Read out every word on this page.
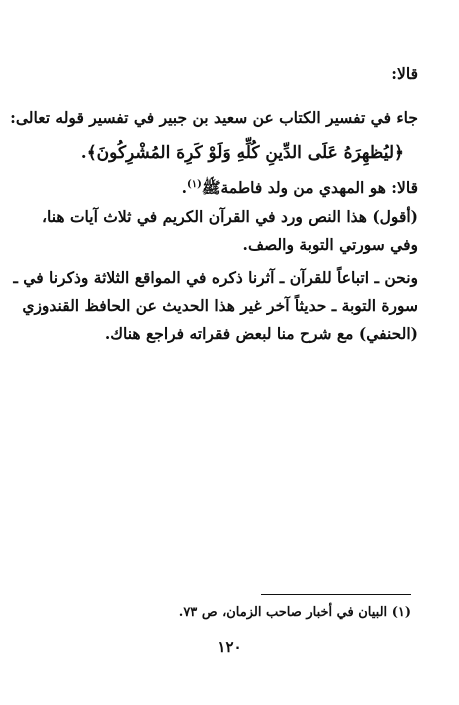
قالا:
جاء في تفسير الكتاب عن سعيد بن جبير في تفسير قوله تعالى:
﴿ليُظهِرَهُ عَلَى الدِّينِ كُلِّهِ وَلَوْ كَرِهَ المُشْرِكُونَ﴾.
قالا: هو المهدي من ولد فاطمةﷺ$^{(١)}$.
(أقول) هذا النص ورد في القرآن الكريم في ثلاث آيات هنا،
وفي سورتي التوبة والصف.
ونحن ـ اتباعاً للقرآن ـ آثرنا ذكره في المواقع الثلاثة وذكرنا في ـ
سورة التوبة ـ حديثاً آخر غير هذا الحديث عن الحافظ القندوزي
(الحنفي) مع شرح منا لبعض فقراته فراجع هناك.
(١) البيان في أخبار صاحب الزمان، ص ٧٣.
١٢٠
